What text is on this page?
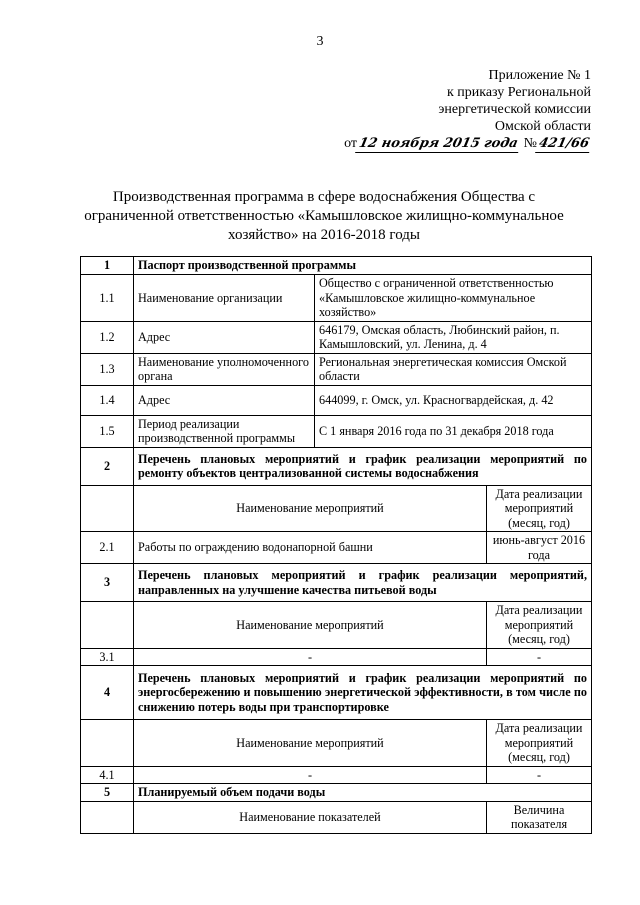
3
Приложение № 1
к приказу Региональной
энергетической комиссии
Омской области
от 12 ноября 2015 года № 421/66
Производственная программа в сфере водоснабжения Общества с ограниченной ответственностью «Камышловское жилищно-коммунальное хозяйство» на 2016-2018 годы
1	Паспорт производственной программы		
1.1	Наименование организации	Общество с ограниченной ответственностью «Камышловское жилищно-коммунальное хозяйство»	
1.2	Адрес	646179, Омская область, Любинский район, п. Камышловский, ул. Ленина, д. 4	
1.3	Наименование уполномоченного органа	Региональная энергетическая комиссия Омской области	
1.4	Адрес	644099, г. Омск, ул. Красногвардейская, д. 42	
1.5	Период реализации производственной программы	С 1 января 2016 года по 31 декабря 2018 года	
2	Перечень плановых мероприятий и график реализации мероприятий по ремонту объектов централизованной системы водоснабжения		
	Наименование мероприятий		Дата реализации мероприятий (месяц, год)
2.1	Работы по ограждению водонапорной башни		июнь-август 2016 года
3	Перечень плановых мероприятий и график реализации мероприятий, направленных на улучшение качества питьевой воды		
	Наименование мероприятий		Дата реализации мероприятий (месяц, год)
3.1	-		-
4	Перечень плановых мероприятий и график реализации мероприятий по энергосбережению и повышению энергетической эффективности, в том числе по снижению потерь воды при транспортировке		
	Наименование мероприятий		Дата реализации мероприятий (месяц, год)
4.1	-		-
5	Планируемый объем подачи воды		
	Наименование показателей		Величина показателя
